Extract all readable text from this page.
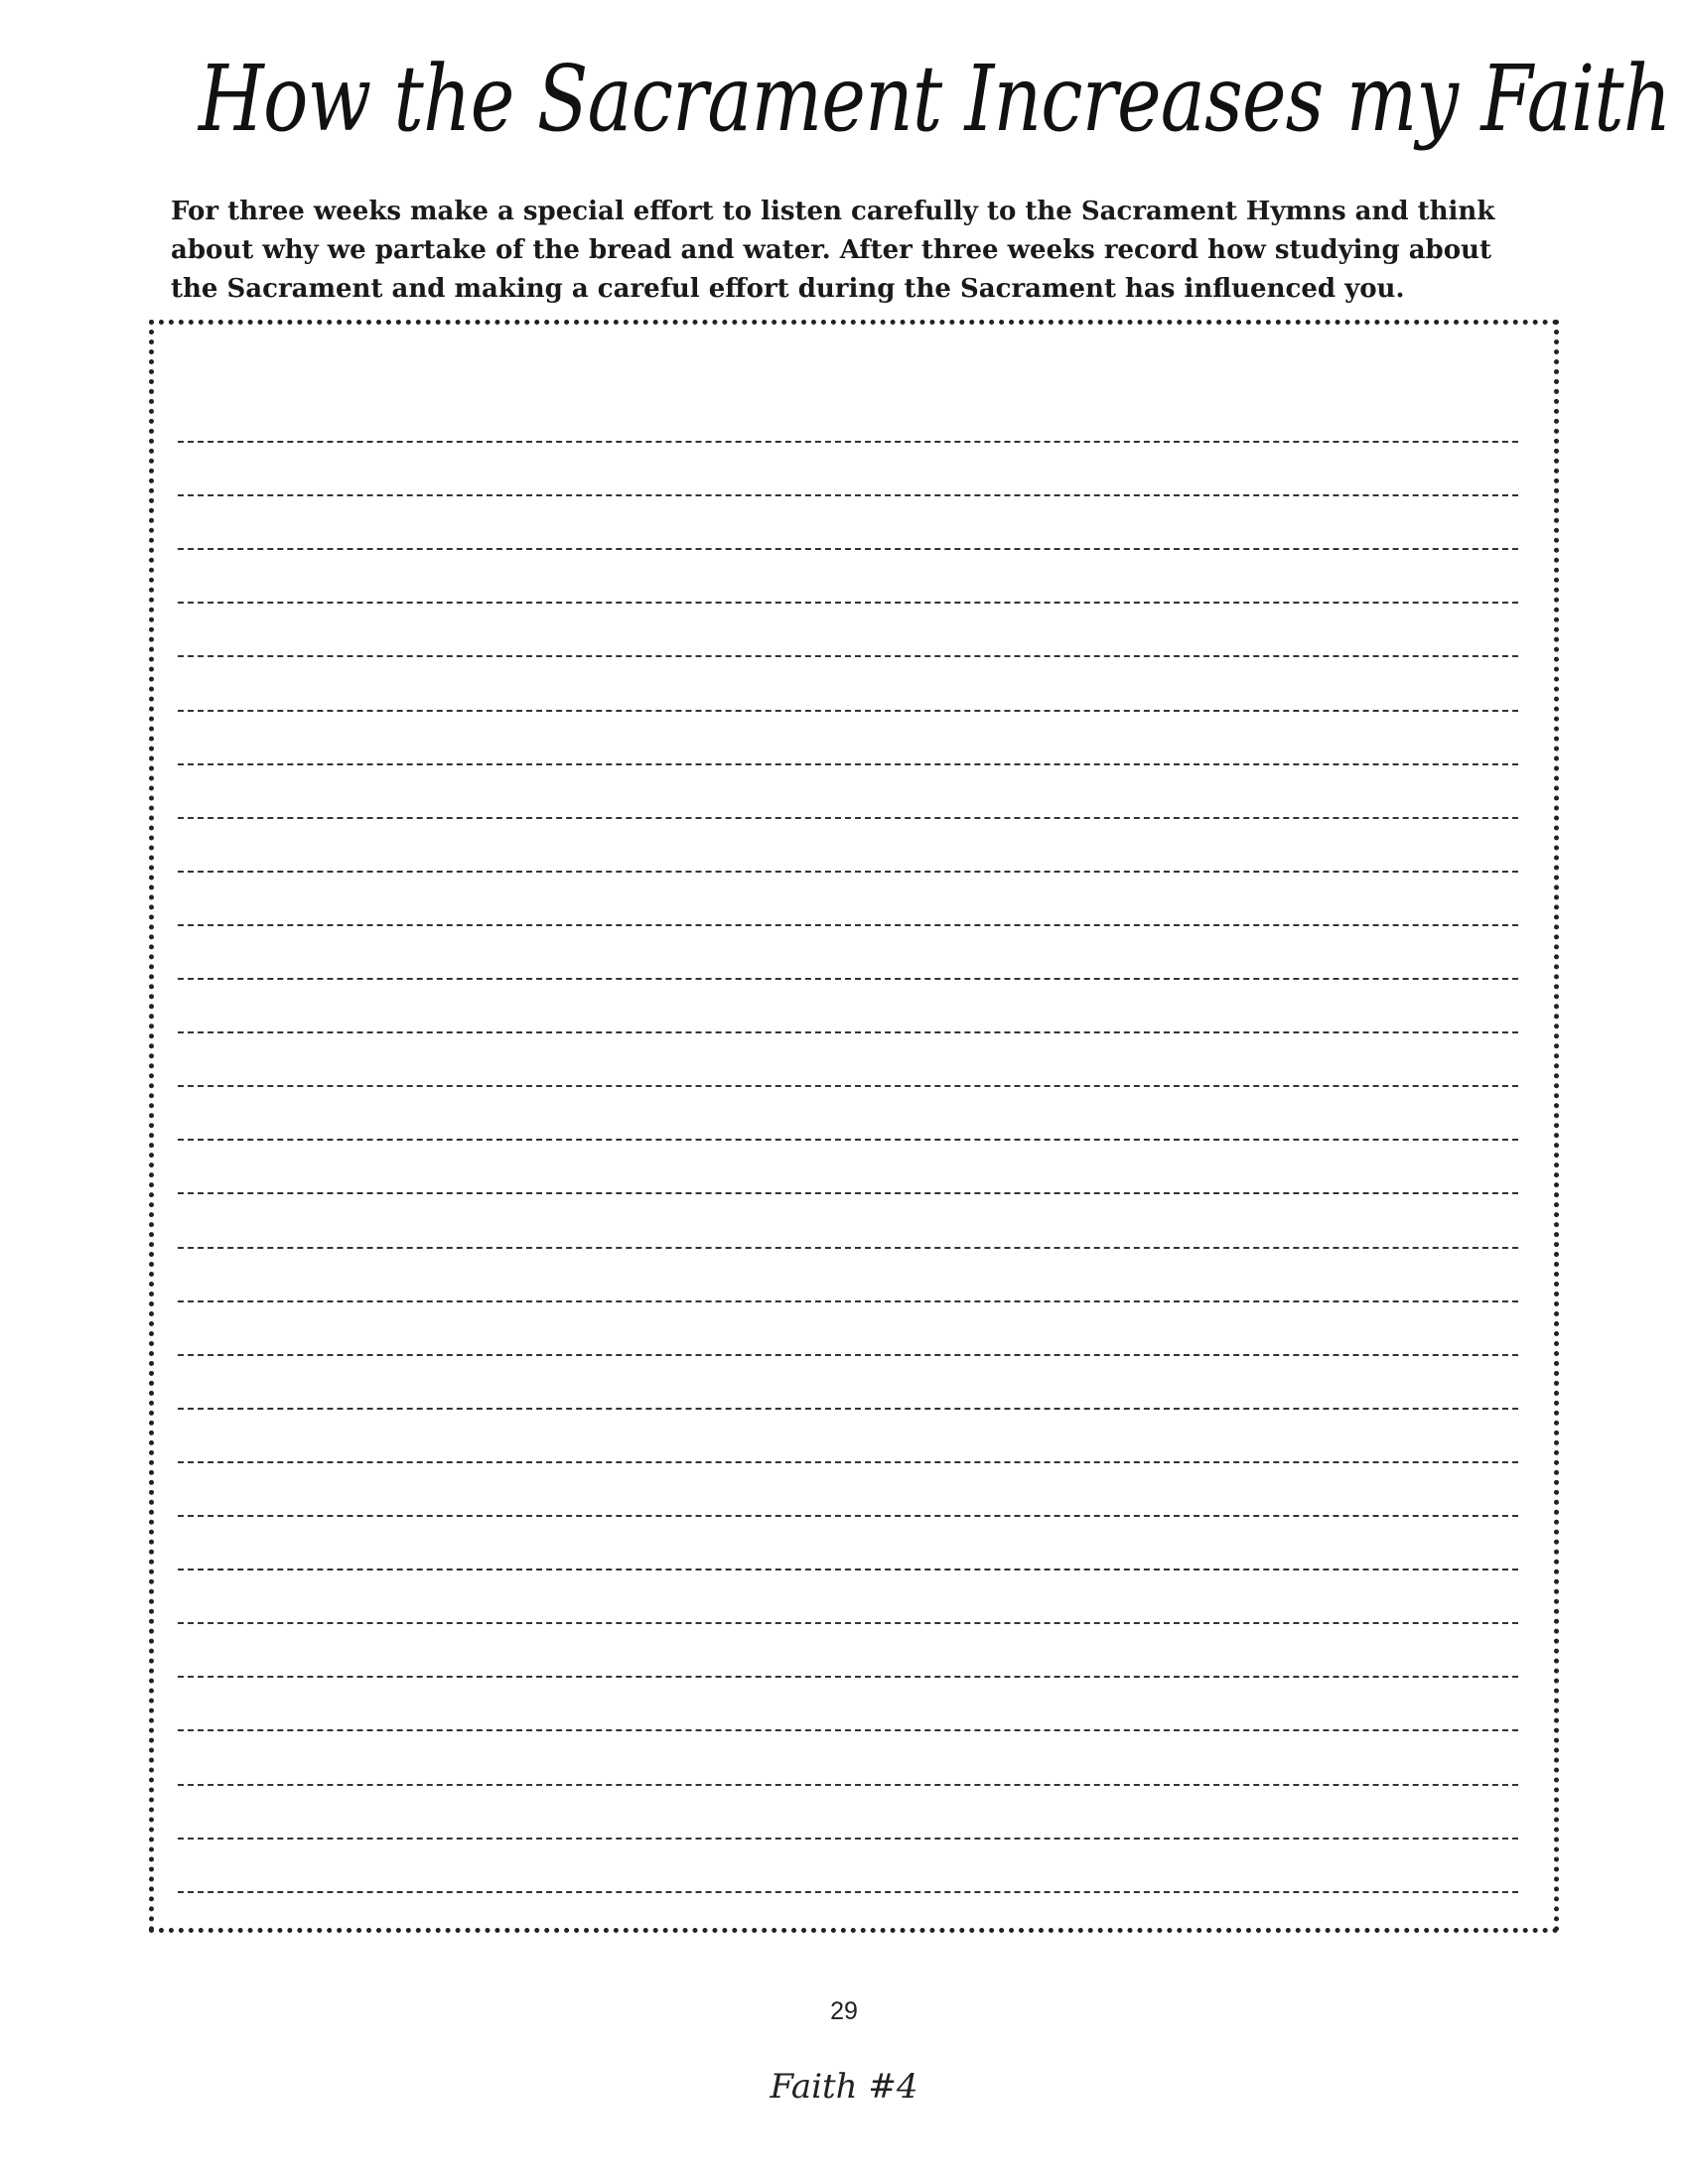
How the Sacrament Increases my Faith

For three weeks make a special effort to listen carefully to the Sacrament Hymns and think about why we partake of the bread and water. After three weeks record how studying about the Sacrament and making a careful effort during the Sacrament has influenced you.

29
Faith #4
